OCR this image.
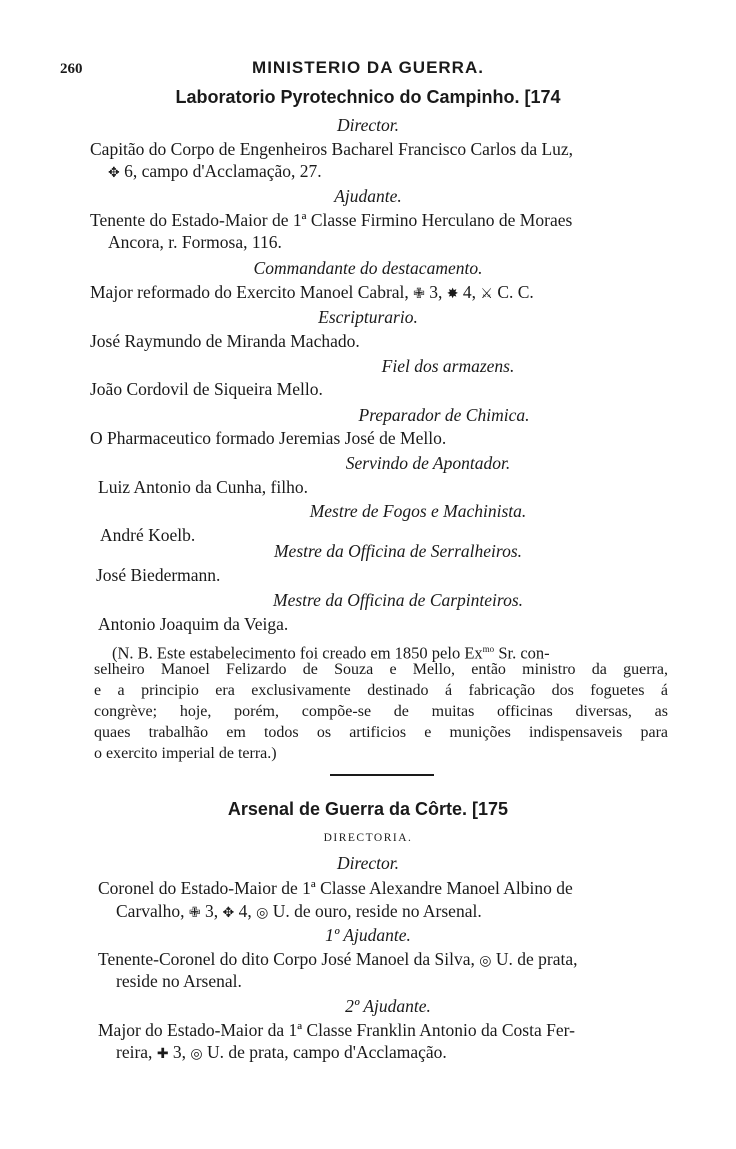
260	MINISTERIO DA GUERRA.
Laboratorio Pyrotechnico do Campinho. [174
Director.
Capitão do Corpo de Engenheiros Bacharel Francisco Carlos da Luz,
✥ 6, campo d'Acclamação, 27.
Ajudante.
Tenente do Estado-Maior de 1ª Classe Firmino Herculano de Moraes
Ancora, r. Formosa, 116.
Commandante do destacamento.
Major reformado do Exercito Manoel Cabral, ✙ 3, ✸ 4, ⚔ C. C.
Escripturario.
José Raymundo de Miranda Machado.
Fiel dos armazens.
João Cordovil de Siqueira Mello.
Preparador de Chimica.
O Pharmaceutico formado Jeremias José de Mello.
Servindo de Apontador.
Luiz Antonio da Cunha, filho.
Mestre de Fogos e Machinista.
André Koelb.
Mestre da Officina de Serralheiros.
José Biedermann.
Mestre da Officina de Carpinteiros.
Antonio Joaquim da Veiga.
(N. B. Este estabelecimento foi creado em 1850 pelo $Ex^{mo}$ Sr. con-
selheiro Manoel Felizardo de Souza e Mello, então ministro da guerra,
e a principio era exclusivamente destinado á fabricação dos foguetes á
congrève; hoje, porém, compõe-se de muitas officinas diversas, as
quaes trabalhão em todos os artificios e munições indispensaveis para
o exercito imperial de terra.)
Arsenal de Guerra da Côrte. [175
DIRECTORIA.
Director.
Coronel do Estado-Maior de 1ª Classe Alexandre Manoel Albino de
Carvalho, ✙ 3, ✥ 4, ◎ U. de ouro, reside no Arsenal.
1º Ajudante.
Tenente-Coronel do dito Corpo José Manoel da Silva, ◎ U. de prata,
reside no Arsenal.
2º Ajudante.
Major do Estado-Maior da 1ª Classe Franklin Antonio da Costa Fer-
reira, ✚ 3, ◎ U. de prata, campo d'Acclamação.
